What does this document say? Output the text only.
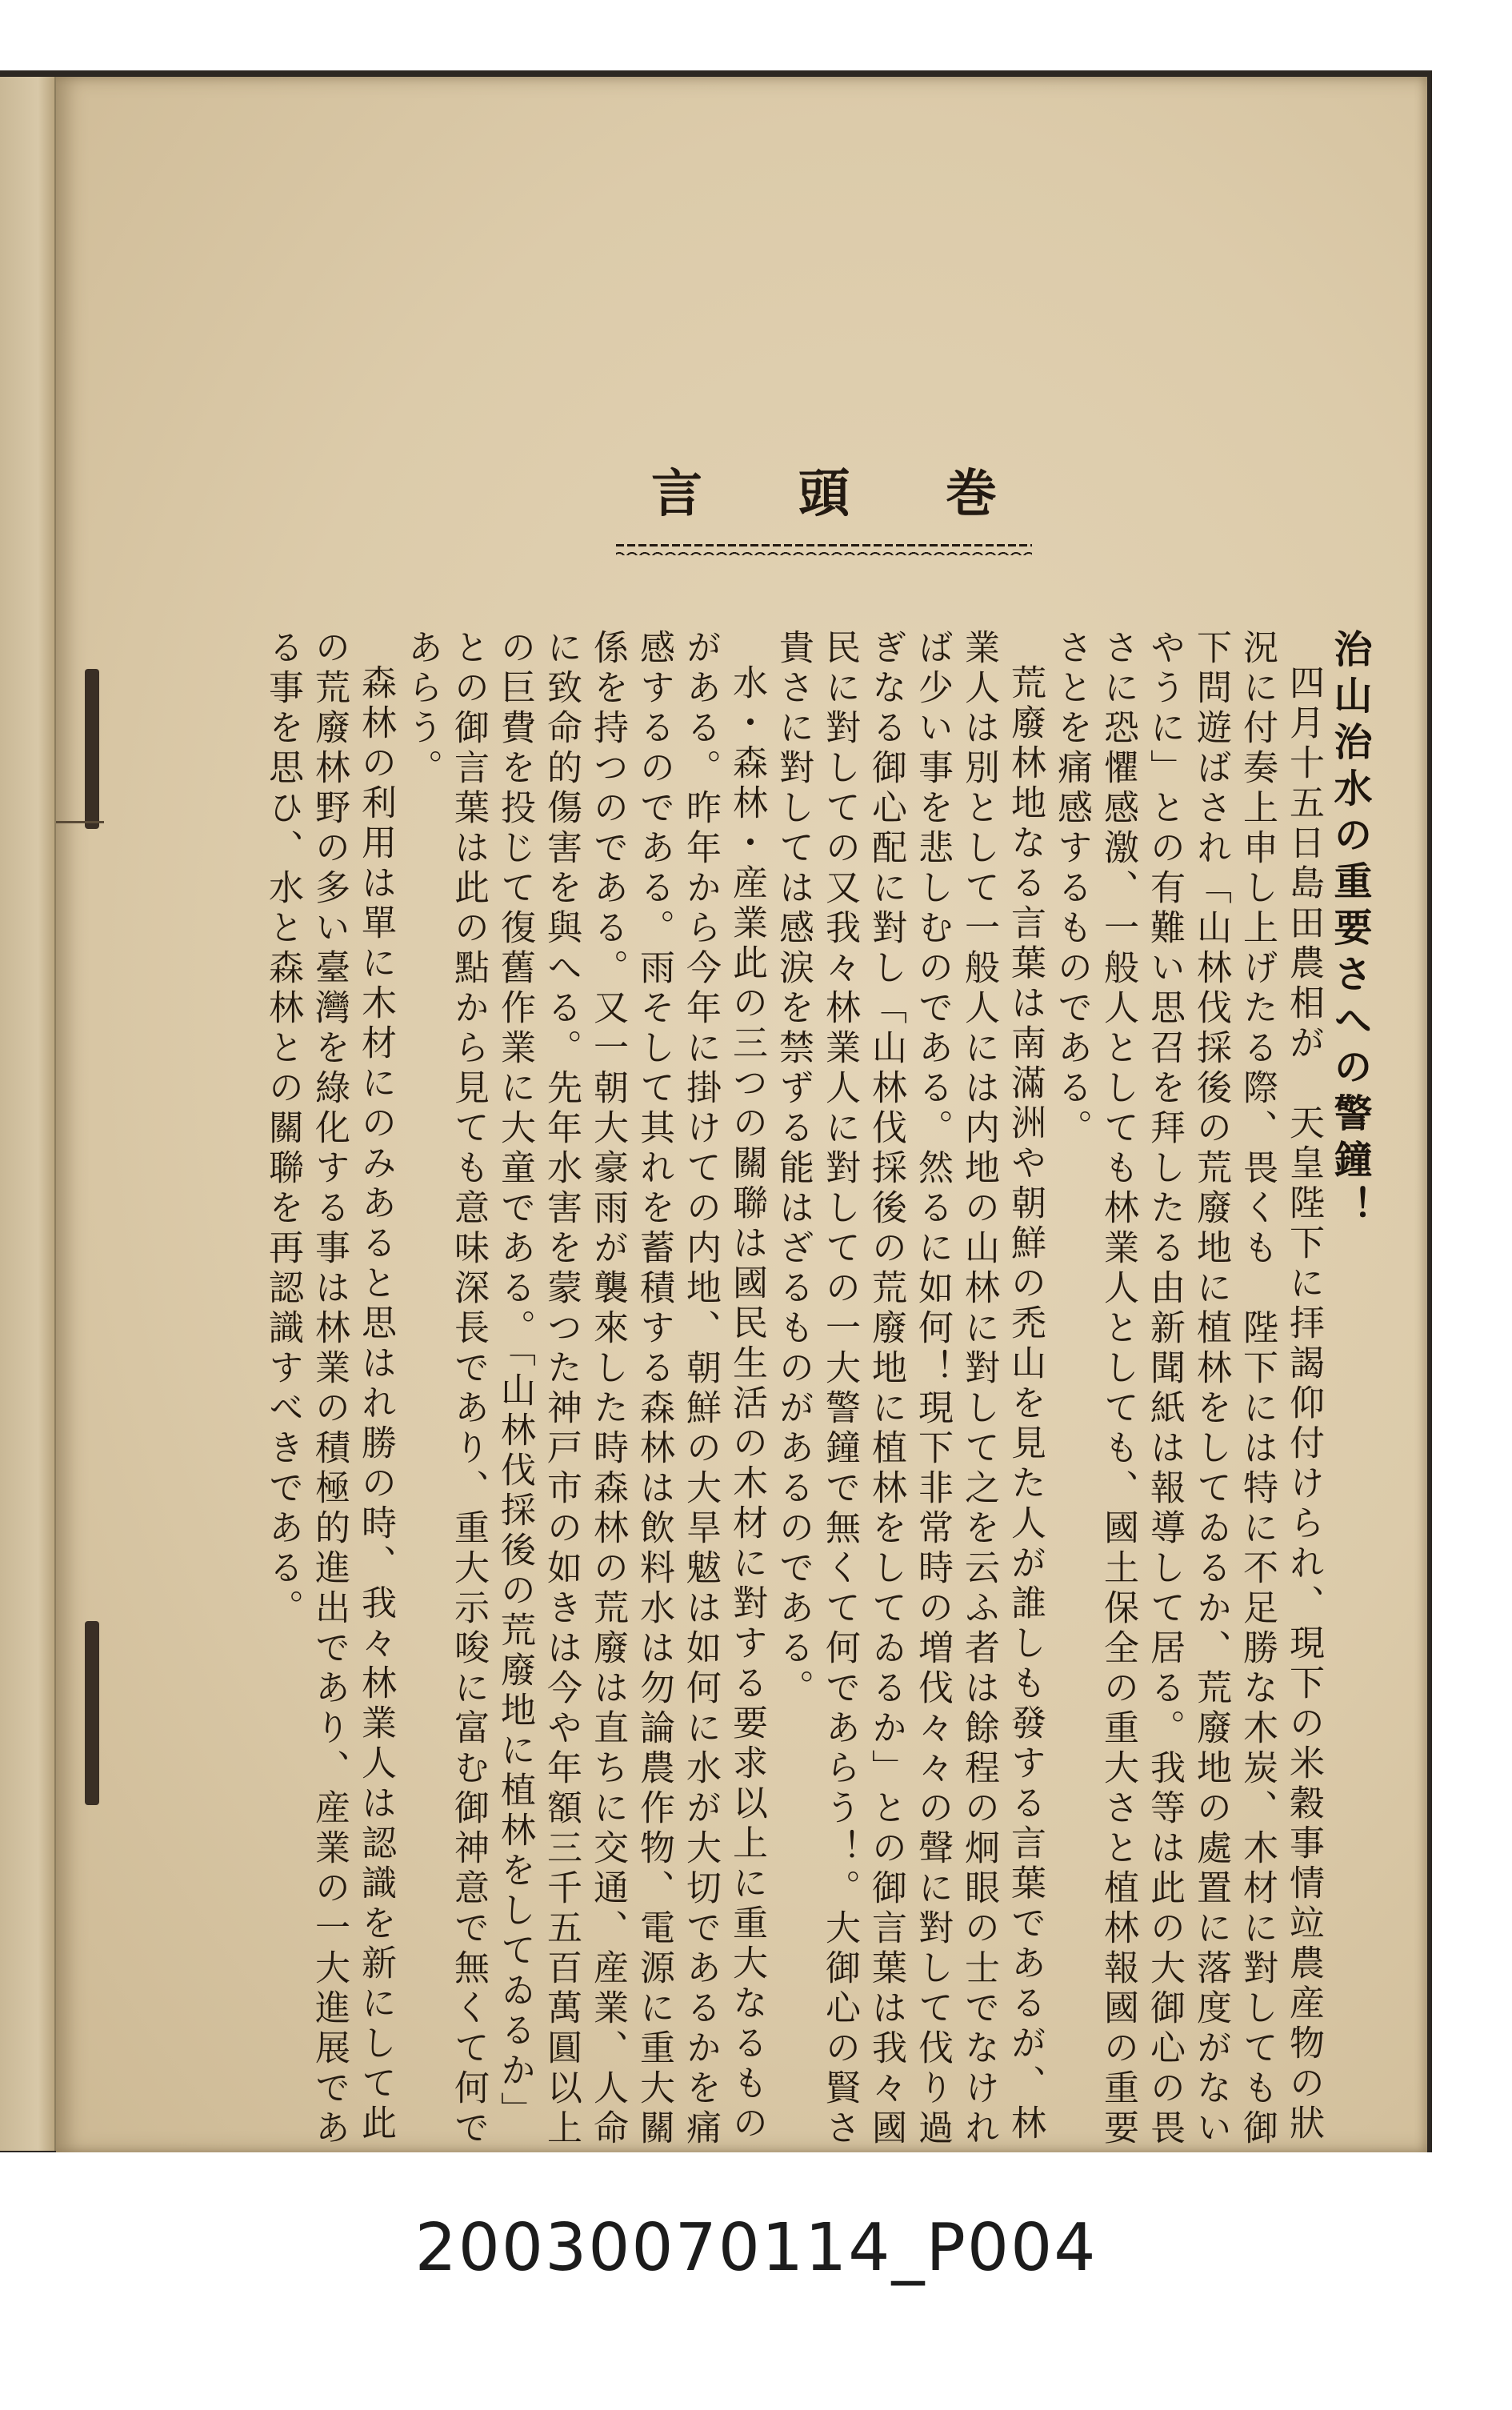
巻頭言

治山治水の重要さへの警鐘！

四月十五日島田農相が　天皇陛下に拝謁仰付けられ、現下の米穀事情竝農産物の狀況に付奏上申し上げたる際、畏くも　陛下には特に不足勝な木炭、木材に對しても御下問遊ばされ「山林伐採後の荒廢地に植林をしてゐるか、荒廢地の處置に落度がないやうに」との有難い思召を拜したる由新聞紙は報導して居る。我等は此の大御心の畏さに恐懼感激、一般人としても林業人としても、國土保全の重大さと植林報國の重要さとを痛感するものである。

荒廢林地なる言葉は南滿洲や朝鮮の禿山を見た人が誰しも發する言葉であるが、林業人は別として一般人には内地の山林に對して之を云ふ者は餘程の炯眼の士でなければ少い事を悲しむのである。然るに如何！現下非常時の増伐々々の聲に對して伐り過ぎなる御心配に對し「山林伐採後の荒廢地に植林をしてゐるか」との御言葉は我々國民に對しての又我々林業人に對しての一大警鐘で無くて何であらう！。大御心の賢さ貴さに對しては感涙を禁ずる能はざるものがあるのである。

水・森林・産業此の三つの關聯は國民生活の木材に對する要求以上に重大なるものがある。昨年から今年に掛けての内地、朝鮮の大旱魃は如何に水が大切であるかを痛感するのである。雨そして其れを蓄積する森林は飲料水は勿論農作物、電源に重大關係を持つのである。又一朝大豪雨が襲來した時森林の荒廢は直ちに交通、産業、人命に致命的傷害を與へる。先年水害を蒙つた神戸市の如きは今や年額三千五百萬圓以上の巨費を投じて復舊作業に大童である。「山林伐採後の荒廢地に植林をしてゐるか」との御言葉は此の點から見ても意味深長であり、重大示唆に富む御神意で無くて何であらう。

森林の利用は單に木材にのみあると思はれ勝の時、我々林業人は認識を新にして此の荒廢林野の多い臺灣を綠化する事は林業の積極的進出であり、産業の一大進展である事を思ひ、水と森林との關聯を再認識すべきである。

20030070114_P004
